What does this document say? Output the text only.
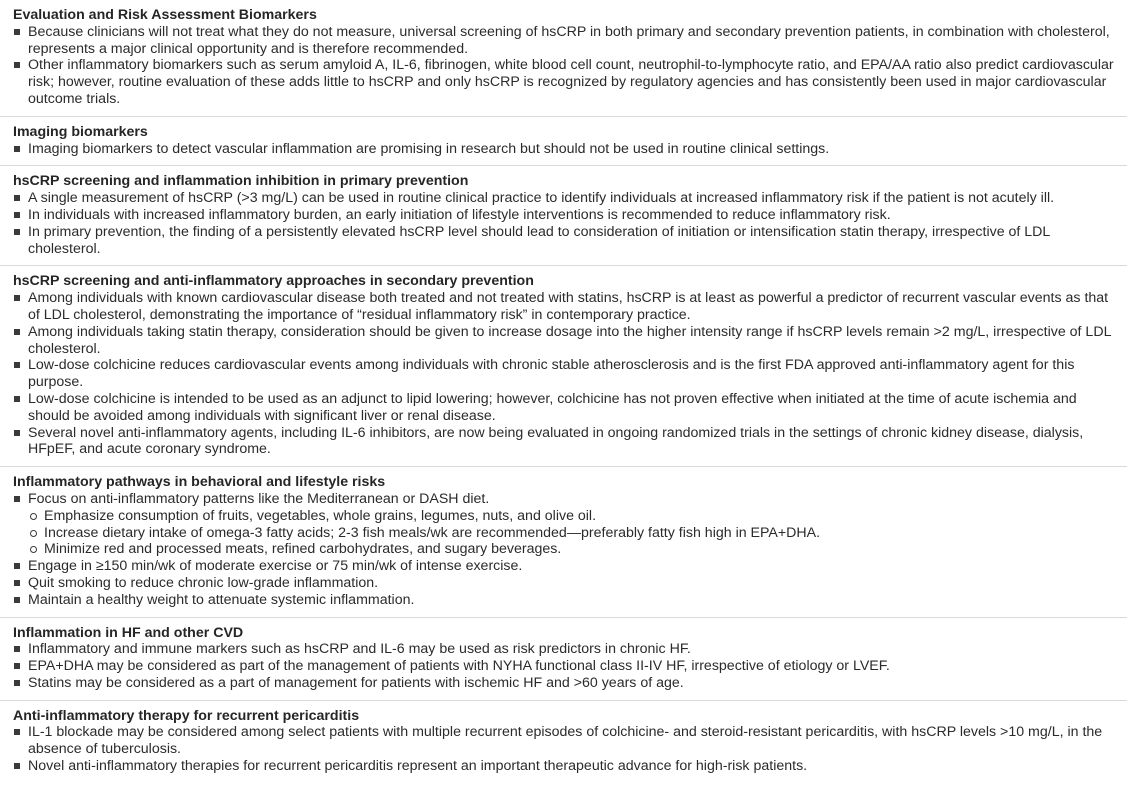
Evaluation and Risk Assessment Biomarkers
Because clinicians will not treat what they do not measure, universal screening of hsCRP in both primary and secondary prevention patients, in combination with cholesterol, represents a major clinical opportunity and is therefore recommended.
Other inflammatory biomarkers such as serum amyloid A, IL-6, fibrinogen, white blood cell count, neutrophil-to-lymphocyte ratio, and EPA/AA ratio also predict cardiovascular risk; however, routine evaluation of these adds little to hsCRP and only hsCRP is recognized by regulatory agencies and has consistently been used in major cardiovascular outcome trials.
Imaging biomarkers
Imaging biomarkers to detect vascular inflammation are promising in research but should not be used in routine clinical settings.
hsCRP screening and inflammation inhibition in primary prevention
A single measurement of hsCRP (>3 mg/L) can be used in routine clinical practice to identify individuals at increased inflammatory risk if the patient is not acutely ill.
In individuals with increased inflammatory burden, an early initiation of lifestyle interventions is recommended to reduce inflammatory risk.
In primary prevention, the finding of a persistently elevated hsCRP level should lead to consideration of initiation or intensification statin therapy, irrespective of LDL cholesterol.
hsCRP screening and anti-inflammatory approaches in secondary prevention
Among individuals with known cardiovascular disease both treated and not treated with statins, hsCRP is at least as powerful a predictor of recurrent vascular events as that of LDL cholesterol, demonstrating the importance of “residual inflammatory risk” in contemporary practice.
Among individuals taking statin therapy, consideration should be given to increase dosage into the higher intensity range if hsCRP levels remain >2 mg/L, irrespective of LDL cholesterol.
Low-dose colchicine reduces cardiovascular events among individuals with chronic stable atherosclerosis and is the first FDA approved anti-inflammatory agent for this purpose.
Low-dose colchicine is intended to be used as an adjunct to lipid lowering; however, colchicine has not proven effective when initiated at the time of acute ischemia and should be avoided among individuals with significant liver or renal disease.
Several novel anti-inflammatory agents, including IL-6 inhibitors, are now being evaluated in ongoing randomized trials in the settings of chronic kidney disease, dialysis, HFpEF, and acute coronary syndrome.
Inflammatory pathways in behavioral and lifestyle risks
Focus on anti-inflammatory patterns like the Mediterranean or DASH diet.
Emphasize consumption of fruits, vegetables, whole grains, legumes, nuts, and olive oil.
Increase dietary intake of omega-3 fatty acids; 2-3 fish meals/wk are recommended—preferably fatty fish high in EPA+DHA.
Minimize red and processed meats, refined carbohydrates, and sugary beverages.
Engage in ≥150 min/wk of moderate exercise or 75 min/wk of intense exercise.
Quit smoking to reduce chronic low-grade inflammation.
Maintain a healthy weight to attenuate systemic inflammation.
Inflammation in HF and other CVD
Inflammatory and immune markers such as hsCRP and IL-6 may be used as risk predictors in chronic HF.
EPA+DHA may be considered as part of the management of patients with NYHA functional class II-IV HF, irrespective of etiology or LVEF.
Statins may be considered as a part of management for patients with ischemic HF and >60 years of age.
Anti-inflammatory therapy for recurrent pericarditis
IL-1 blockade may be considered among select patients with multiple recurrent episodes of colchicine- and steroid-resistant pericarditis, with hsCRP levels >10 mg/L, in the absence of tuberculosis.
Novel anti-inflammatory therapies for recurrent pericarditis represent an important therapeutic advance for high-risk patients.
